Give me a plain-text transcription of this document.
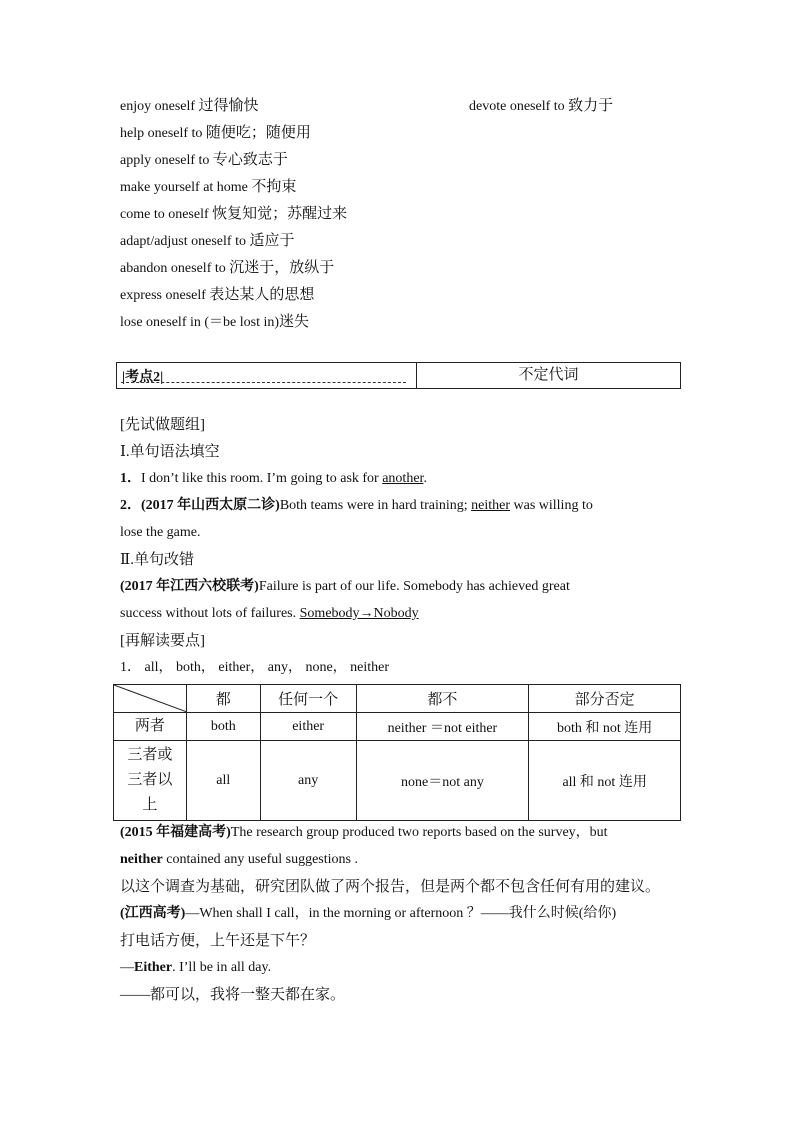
enjoy oneself 过得愉快	devote oneself to 致力于
help oneself to 随便吃；随便用
apply oneself to 专心致志于
make yourself at home 不拘束
come to oneself 恢复知觉；苏醒过来
adapt/adjust oneself to 适应于
abandon oneself to 沉迷于，放纵于
express oneself 表达某人的思想
lose oneself in (＝be lost in)迷失
|考点2|	不定代词
[先试做题组]
Ⅰ.单句语法填空
1．I don’t like this room. I’m going to ask for another.
2．(2017 年山西太原二诊)Both teams were in hard training; neither was willing to
lose the game.
Ⅱ.单句改错
(2017 年江西六校联考)Failure is part of our life. Somebody has achieved great
success without lots of failures. Somebody→Nobody
[再解读要点]
1． all， both， either， any， none， neither
	都	任何一个	都不	部分否定
两者	both	either	neither ＝not either	both 和 not 连用

三者或
三者以
上	all	any	none＝not any	all 和 not 连用
(2015 年福建高考)The research group produced two reports based on the survey，but
neither contained any useful suggestions .
以这个调查为基础，研究团队做了两个报告，但是两个都不包含任何有用的建议。
(江西高考)—When shall I call，in the morning or afternoon ？——我什么时候(给你)
打电话方便，上午还是下午？
—Either. I’ll be in all day.
——都可以，我将一整天都在家。
